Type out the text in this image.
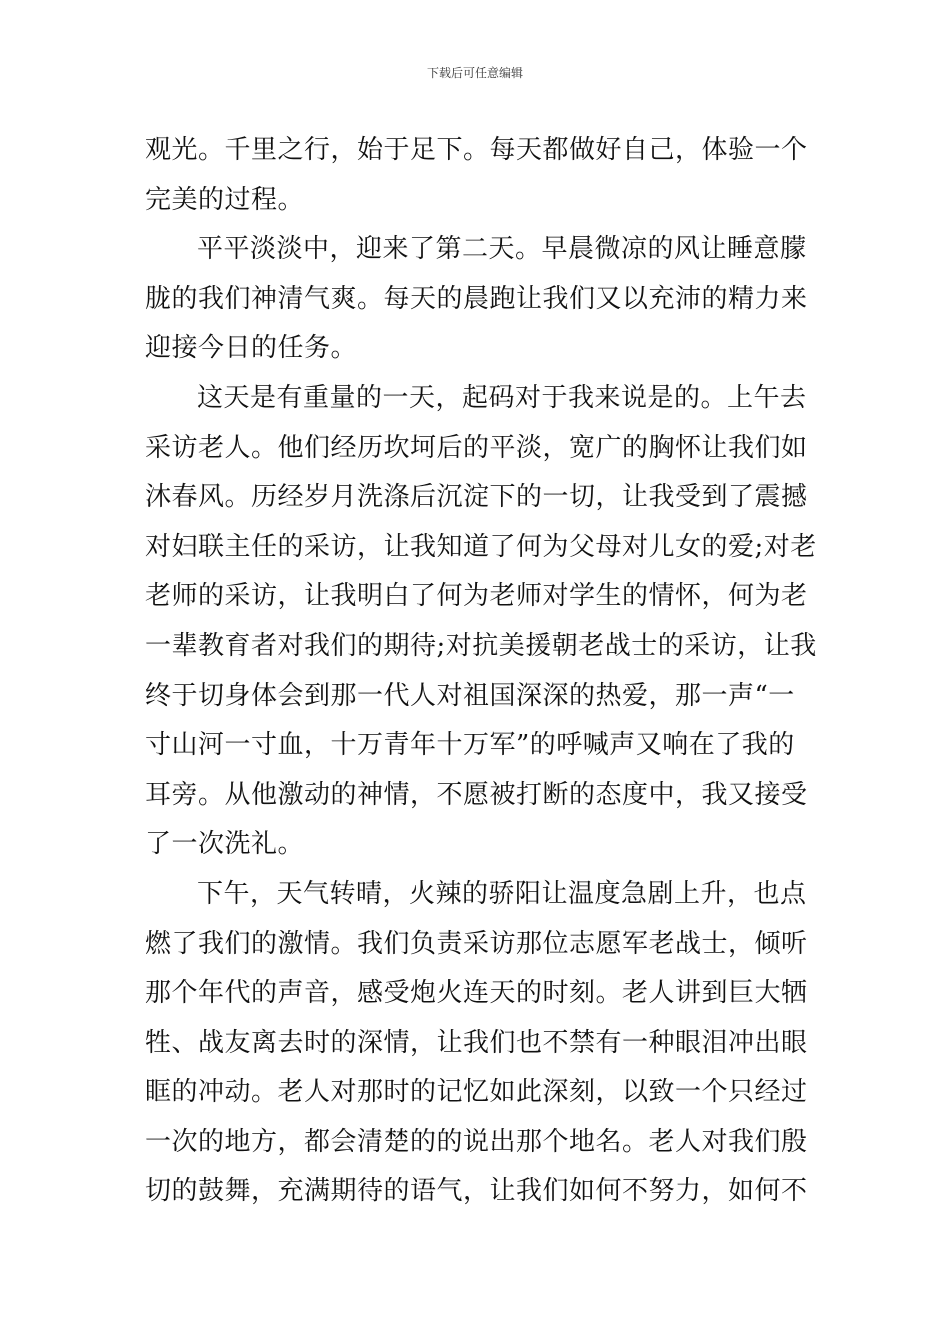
下载后可任意编辑
观光。千里之行，始于足下。每天都做好自己，体验一个
完美的过程。
平平淡淡中，迎来了第二天。早晨微凉的风让睡意朦
胧的我们神清气爽。每天的晨跑让我们又以充沛的精力来
迎接今日的任务。
这天是有重量的一天，起码对于我来说是的。上午去
采访老人。他们经历坎坷后的平淡，宽广的胸怀让我们如
沐春风。历经岁月洗涤后沉淀下的一切，让我受到了震撼
对妇联主任的采访，让我知道了何为父母对儿女的爱;对老
老师的采访，让我明白了何为老师对学生的情怀，何为老
一辈教育者对我们的期待;对抗美援朝老战士的采访，让我
终于切身体会到那一代人对祖国深深的热爱，那一声“一
寸山河一寸血，十万青年十万军”的呼喊声又响在了我的
耳旁。从他激动的神情，不愿被打断的态度中，我又接受
了一次洗礼。
下午，天气转晴，火辣的骄阳让温度急剧上升，也点
燃了我们的激情。我们负责采访那位志愿军老战士，倾听
那个年代的声音，感受炮火连天的时刻。老人讲到巨大牺
牲、战友离去时的深情，让我们也不禁有一种眼泪冲出眼
眶的冲动。老人对那时的记忆如此深刻，以致一个只经过
一次的地方，都会清楚的的说出那个地名。老人对我们殷
切的鼓舞，充满期待的语气，让我们如何不努力，如何不
